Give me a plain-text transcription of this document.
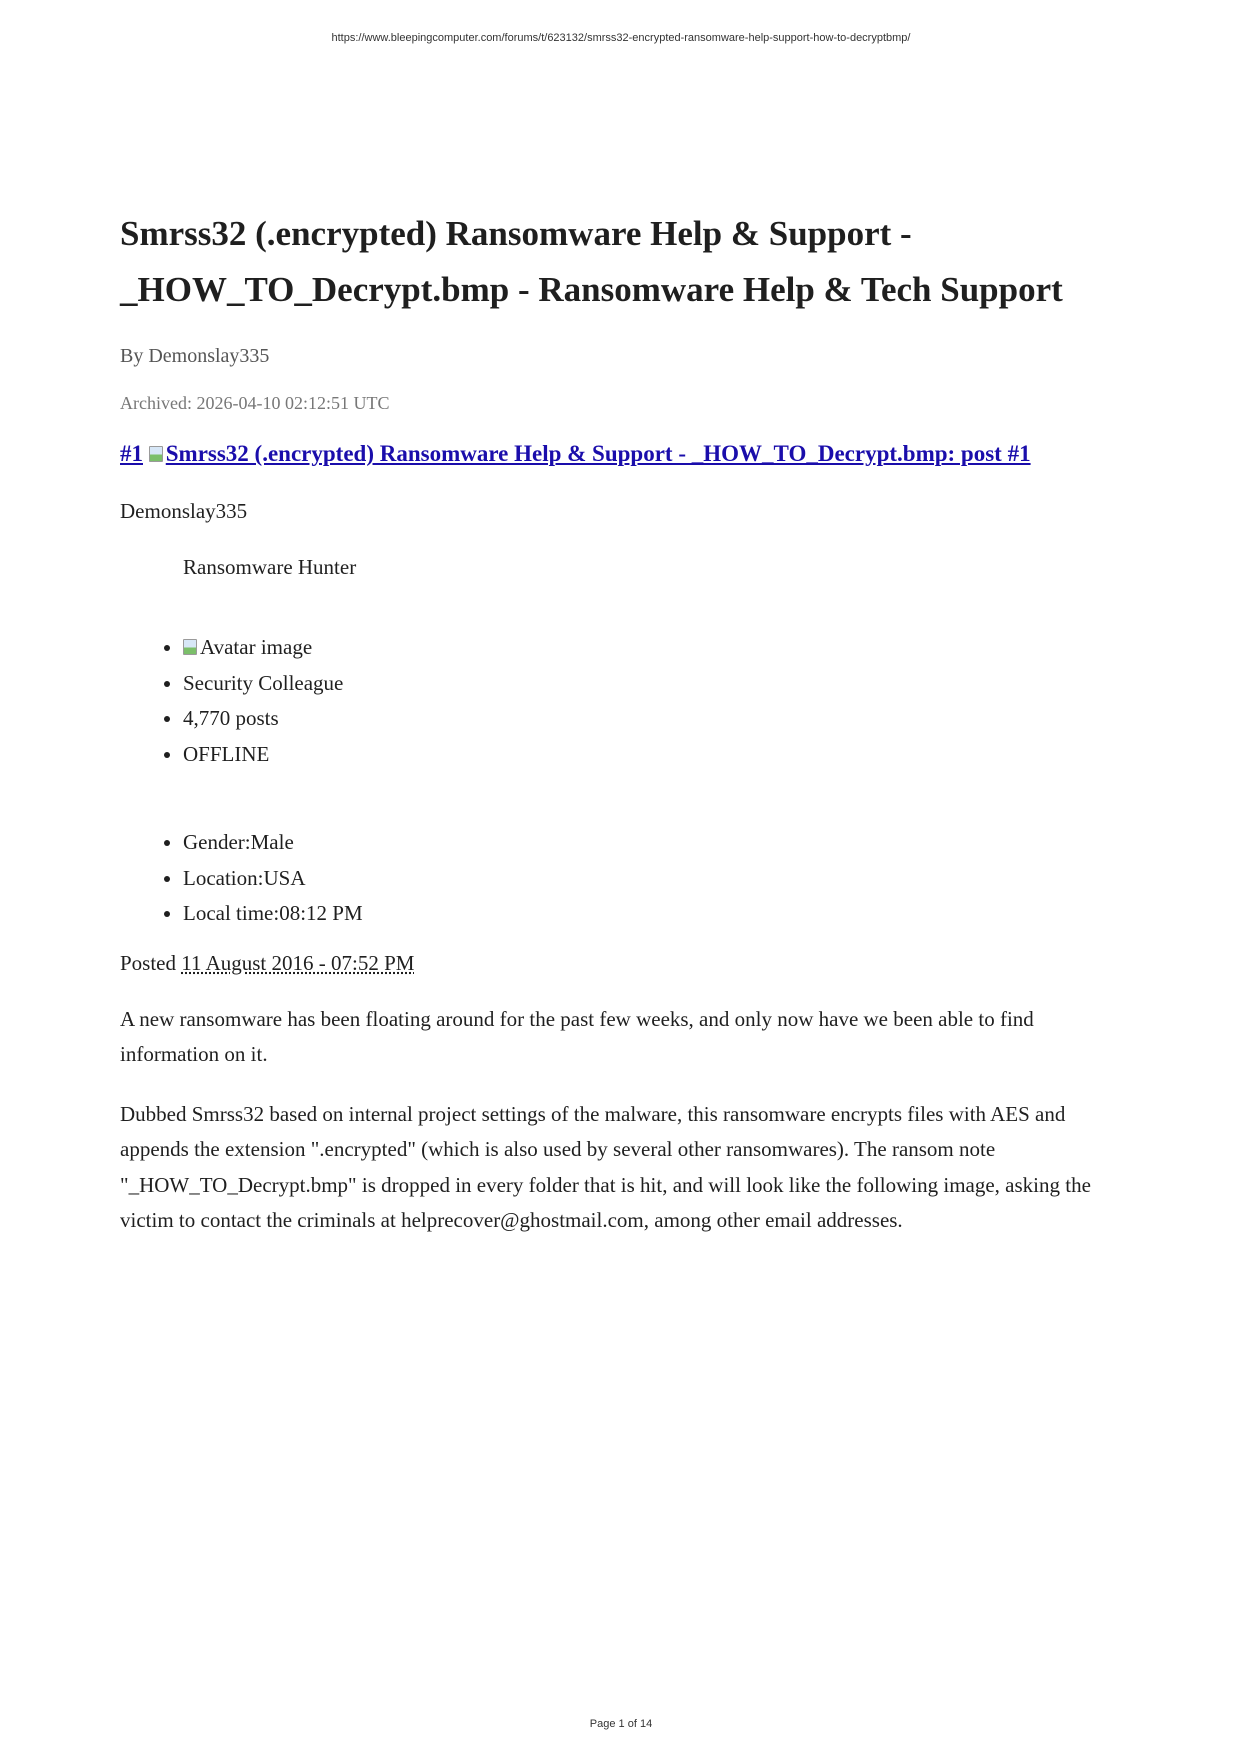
https://www.bleepingcomputer.com/forums/t/623132/smrss32-encrypted-ransomware-help-support-how-to-decryptbmp/
Smrss32 (.encrypted) Ransomware Help & Support -
_HOW_TO_Decrypt.bmp - Ransomware Help & Tech Support

By Demonslay335

Archived: 2026-04-10 02:12:51 UTC

#1 Smrss32 (.encrypted) Ransomware Help & Support - _HOW_TO_Decrypt.bmp: post #1

Demonslay335

Ransomware Hunter

• Avatar image
• Security Colleague
• 4,770 posts
• OFFLINE
• Gender:Male
• Location:USA
• Local time:08:12 PM

Posted 11 August 2016 - 07:52 PM

A new ransomware has been floating around for the past few weeks, and only now have we been able to find information on it.

Dubbed Smrss32 based on internal project settings of the malware, this ransomware encrypts files with AES and appends the extension ".encrypted" (which is also used by several other ransomwares). The ransom note "_HOW_TO_Decrypt.bmp" is dropped in every folder that is hit, and will look like the following image, asking the victim to contact the criminals at helprecover@ghostmail.com, among other email addresses.

Page 1 of 14
